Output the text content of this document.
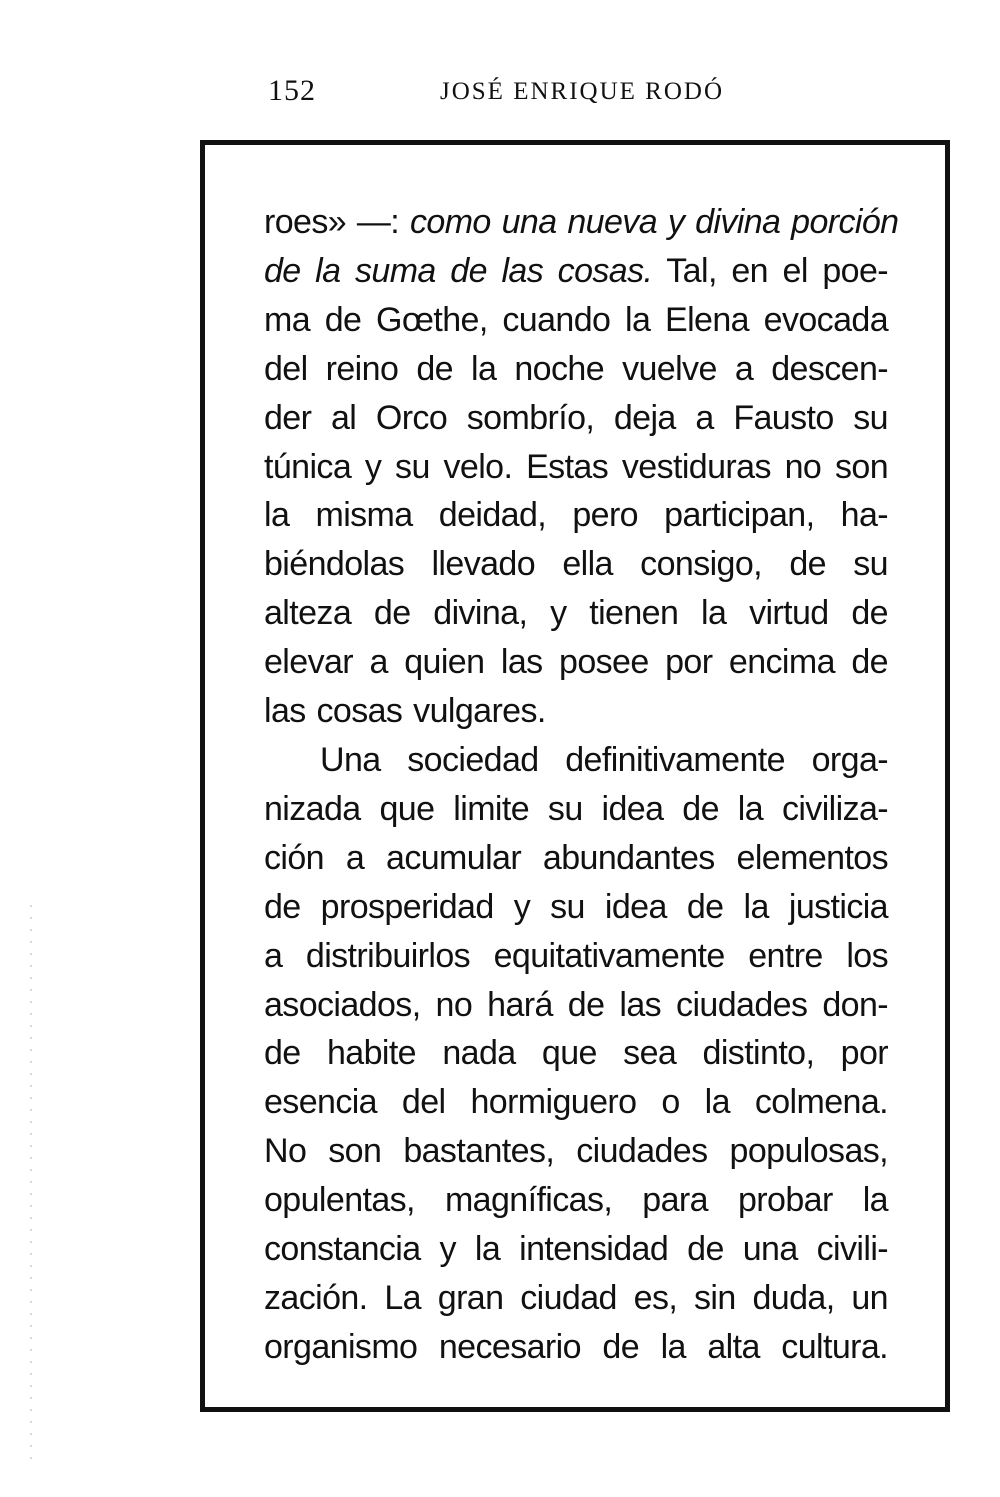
152	JOSÉ ENRIQUE RODÓ
roes» —: como una nueva y divina porción
de la suma de las cosas. Tal, en el poe-
ma de Gœthe, cuando la Elena evocada
del reino de la noche vuelve a descen-
der al Orco sombrío, deja a Fausto su
túnica y su velo. Estas vestiduras no son
la misma deidad, pero participan, ha-
biéndolas llevado ella consigo, de su
alteza de divina, y tienen la virtud de
elevar a quien las posee por encima de
las cosas vulgares.
Una sociedad definitivamente orga-
nizada que limite su idea de la civiliza-
ción a acumular abundantes elementos
de prosperidad y su idea de la justicia
a distribuirlos equitativamente entre los
asociados, no hará de las ciudades don-
de habite nada que sea distinto, por
esencia del hormiguero o la colmena.
No son bastantes, ciudades populosas,
opulentas, magníficas, para probar la
constancia y la intensidad de una civili-
zación. La gran ciudad es, sin duda, un
organismo necesario de la alta cultura.
